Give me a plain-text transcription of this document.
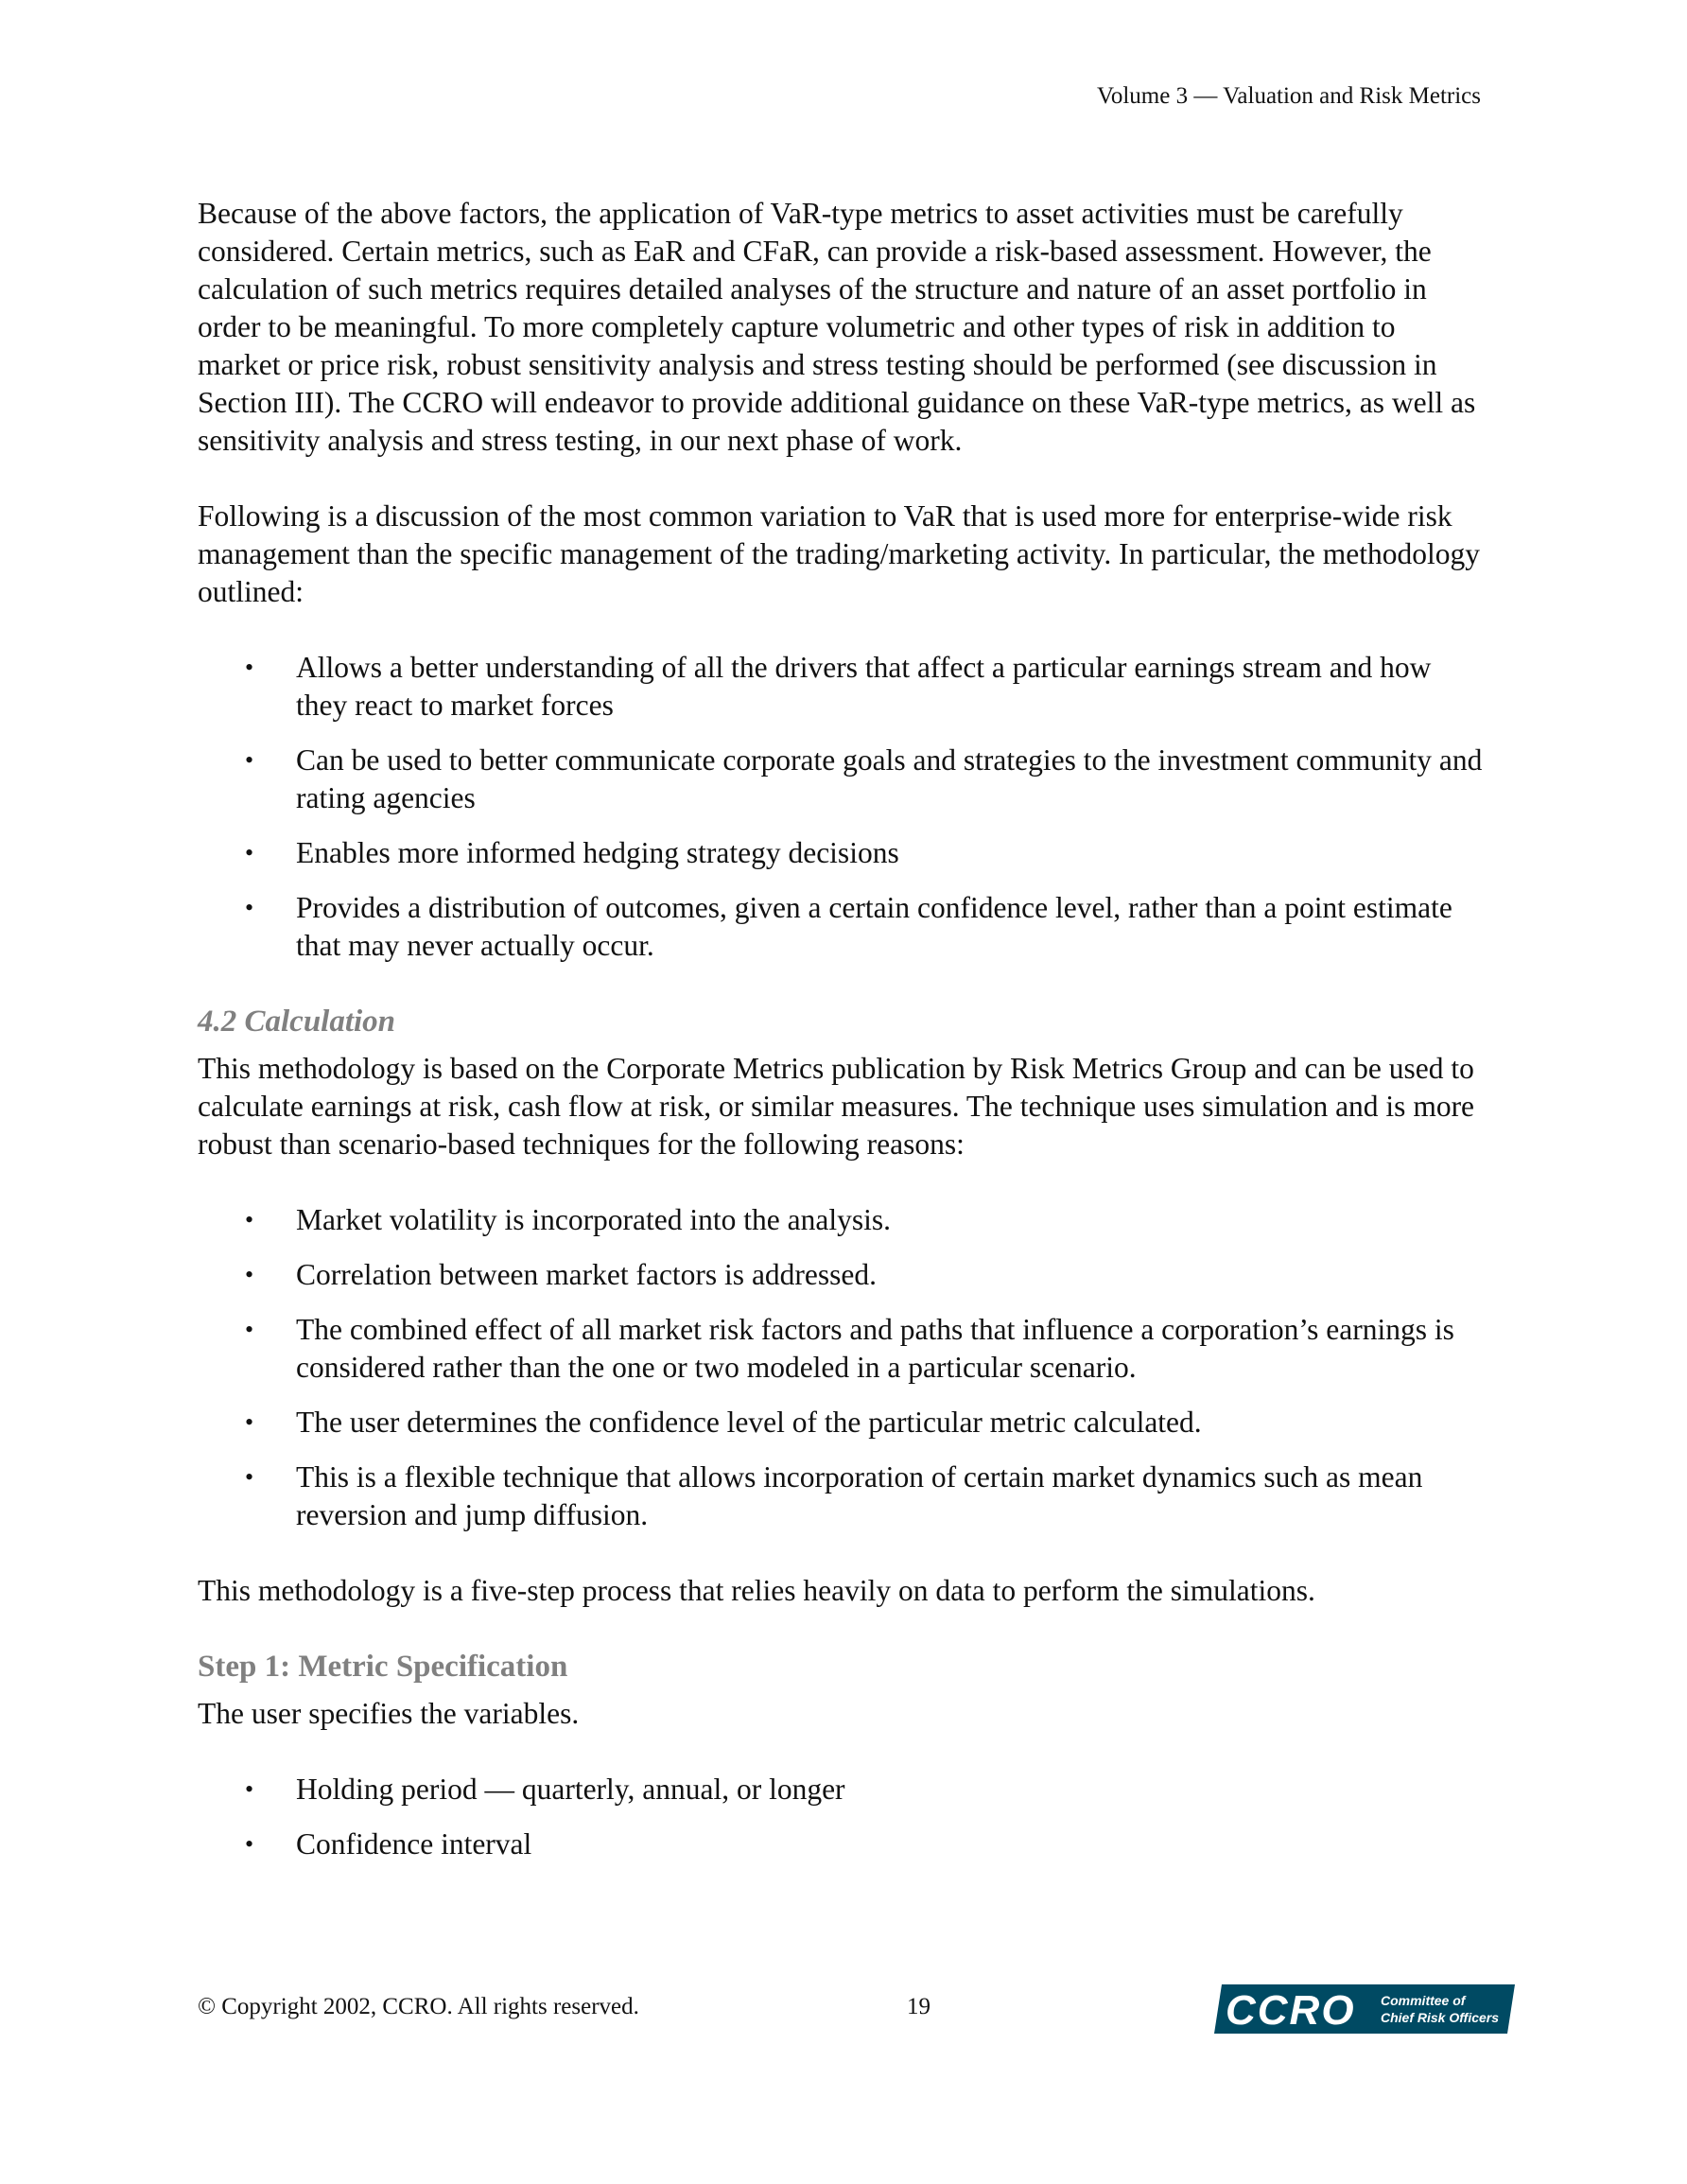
Volume 3 — Valuation and Risk Metrics

Because of the above factors, the application of VaR-type metrics to asset activities must be carefully considered. Certain metrics, such as EaR and CFaR, can provide a risk-based assessment. However, the calculation of such metrics requires detailed analyses of the structure and nature of an asset portfolio in order to be meaningful. To more completely capture volumetric and other types of risk in addition to market or price risk, robust sensitivity analysis and stress testing should be performed (see discussion in Section III). The CCRO will endeavor to provide additional guidance on these VaR-type metrics, as well as sensitivity analysis and stress testing, in our next phase of work.

Following is a discussion of the most common variation to VaR that is used more for enterprise-wide risk management than the specific management of the trading/marketing activity. In particular, the methodology outlined:

• Allows a better understanding of all the drivers that affect a particular earnings stream and how they react to market forces
• Can be used to better communicate corporate goals and strategies to the investment community and rating agencies
• Enables more informed hedging strategy decisions
• Provides a distribution of outcomes, given a certain confidence level, rather than a point estimate that may never actually occur.
4.2 Calculation

This methodology is based on the Corporate Metrics publication by Risk Metrics Group and can be used to calculate earnings at risk, cash flow at risk, or similar measures. The technique uses simulation and is more robust than scenario-based techniques for the following reasons:

• Market volatility is incorporated into the analysis.
• Correlation between market factors is addressed.
• The combined effect of all market risk factors and paths that influence a corporation’s earnings is considered rather than the one or two modeled in a particular scenario.
• The user determines the confidence level of the particular metric calculated.
• This is a flexible technique that allows incorporation of certain market dynamics such as mean reversion and jump diffusion.

This methodology is a five-step process that relies heavily on data to perform the simulations.

Step 1: Metric Specification

The user specifies the variables.

• Holding period — quarterly, annual, or longer
• Confidence interval
© Copyright 2002, CCRO. All rights reserved.	19	CCRO Committee of
Chief Risk Officers
